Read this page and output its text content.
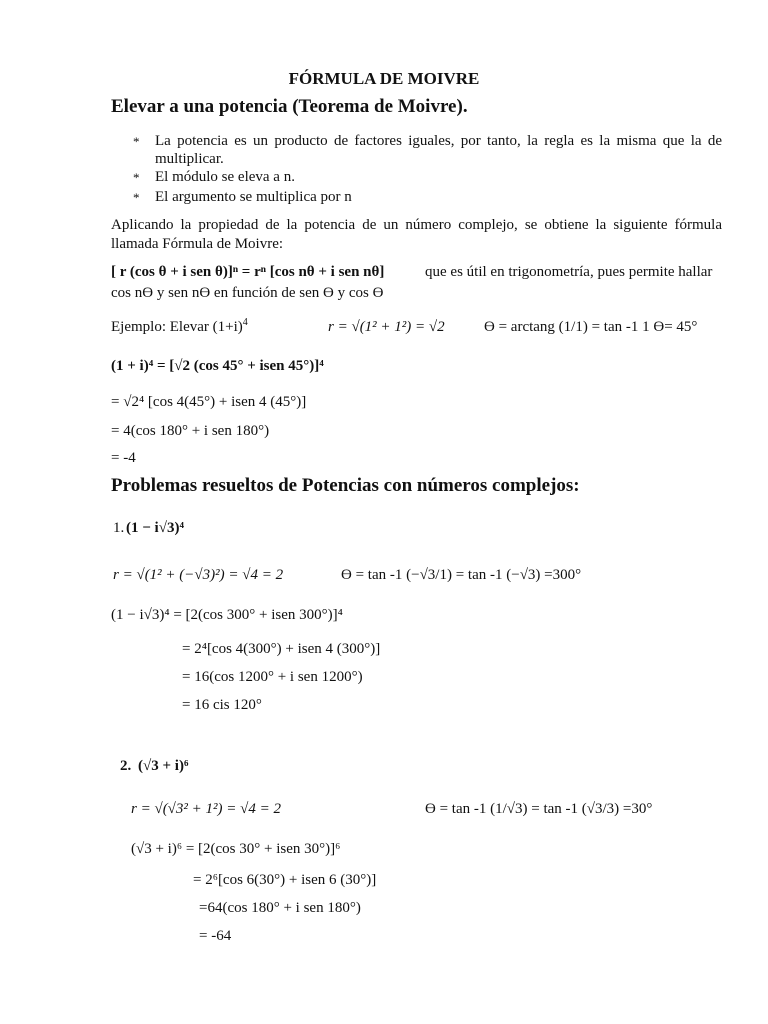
FÓRMULA DE MOIVRE
Elevar a una potencia (Teorema de Moivre).
* La potencia es un producto de factores iguales, por tanto, la regla es la misma que la de
multiplicar.
* El módulo se eleva a n.
* El argumento se multiplica por n
Aplicando la propiedad de la potencia de un número complejo, se obtiene la siguiente fórmula
llamada Fórmula de Moivre:
[ r (cos θ + i sen θ)]ⁿ = rⁿ [cos nθ + i sen nθ]	que es útil en trigonometría, pues permite hallar
cos nϴ y sen nϴ en función de sen ϴ y cos ϴ
Ejemplo: Elevar $(1+i)^4$	r = √(1² + 1²) = √2	ϴ = arctang (1/1) = tan -1 1 ϴ= 45°
(1 + i)⁴ = [√2 (cos 45° + isen 45°)]⁴
= √2⁴ [cos 4(45°) + isen 4 (45°)]
= 4(cos 180° + i sen 180°)
= -4
Problemas resueltos de Potencias con números complejos:
1. (1 − i√3)⁴
r = √(1² + (−√3)²) = √4 = 2	ϴ = tan -1 (−√3/1) = tan -1 (−√3) =300°
(1 − i√3)⁴ = [2(cos 300° + isen 300°)]⁴
= 2⁴[cos 4(300°) + isen 4 (300°)]
= 16(cos 1200° + i sen 1200°)
= 16 cis 120°
2. (√3 + i)⁶
r = √(√3² + 1²) = √4 = 2	ϴ = tan -1 (1/√3) = tan -1 (√3/3) =30°
(√3 + i)⁶ = [2(cos 30° + isen 30°)]⁶
= 2⁶[cos 6(30°) + isen 6 (30°)]
=64(cos 180° + i sen 180°)
= -64
